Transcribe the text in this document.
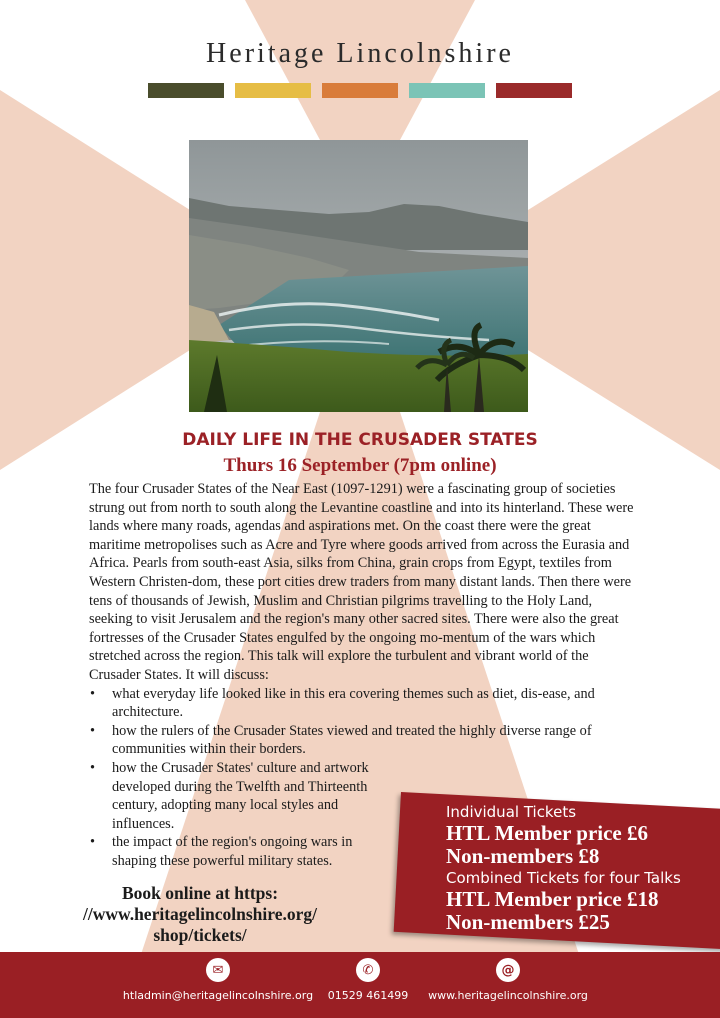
Heritage Lincolnshire
DAILY LIFE IN THE CRUSADER STATES
Thurs 16 September (7pm online)

The four Crusader States of the Near East (1097-1291) were a fascinating group of societies strung out from north to south along the Levantine coastline and into its hinterland. These were lands where many roads, agendas and aspirations met. On the coast there were the great maritime metropolises such as Acre and Tyre where goods arrived from across the Eurasia and Africa. Pearls from south-east Asia, silks from China, grain crops from Egypt, textiles from Western Christen-dom, these port cities drew traders from many distant lands. Then there were tens of thousands of Jewish, Muslim and Christian pilgrims travelling to the Holy Land, seeking to visit Jerusalem and the region's many other sacred sites. There were also the great fortresses of the Crusader States engulfed by the ongoing mo-mentum of the wars which stretched across the region. This talk will explore the turbulent and vibrant world of the Crusader States. It will discuss:

• what everyday life looked like in this era covering themes such as diet, dis-ease, and architecture.
• how the rulers of the Crusader States viewed and treated the highly diverse range of communities within their borders.
• how the Crusader States' culture and artwork developed during the Twelfth and Thirteenth century, adopting many local styles and influences.
• the impact of the region's ongoing wars in shaping these powerful military states.
Individual Tickets
HTL Member price £6
Non-members £8
Combined Tickets for four Talks
HTL Member price £18
Non-members £25
Book online at https:
//www.heritagelincolnshire.org/
shop/tickets/
✉
htladmin@heritagelincolnshire.org
✆
01529 461499
@
www.heritagelincolnshire.org
